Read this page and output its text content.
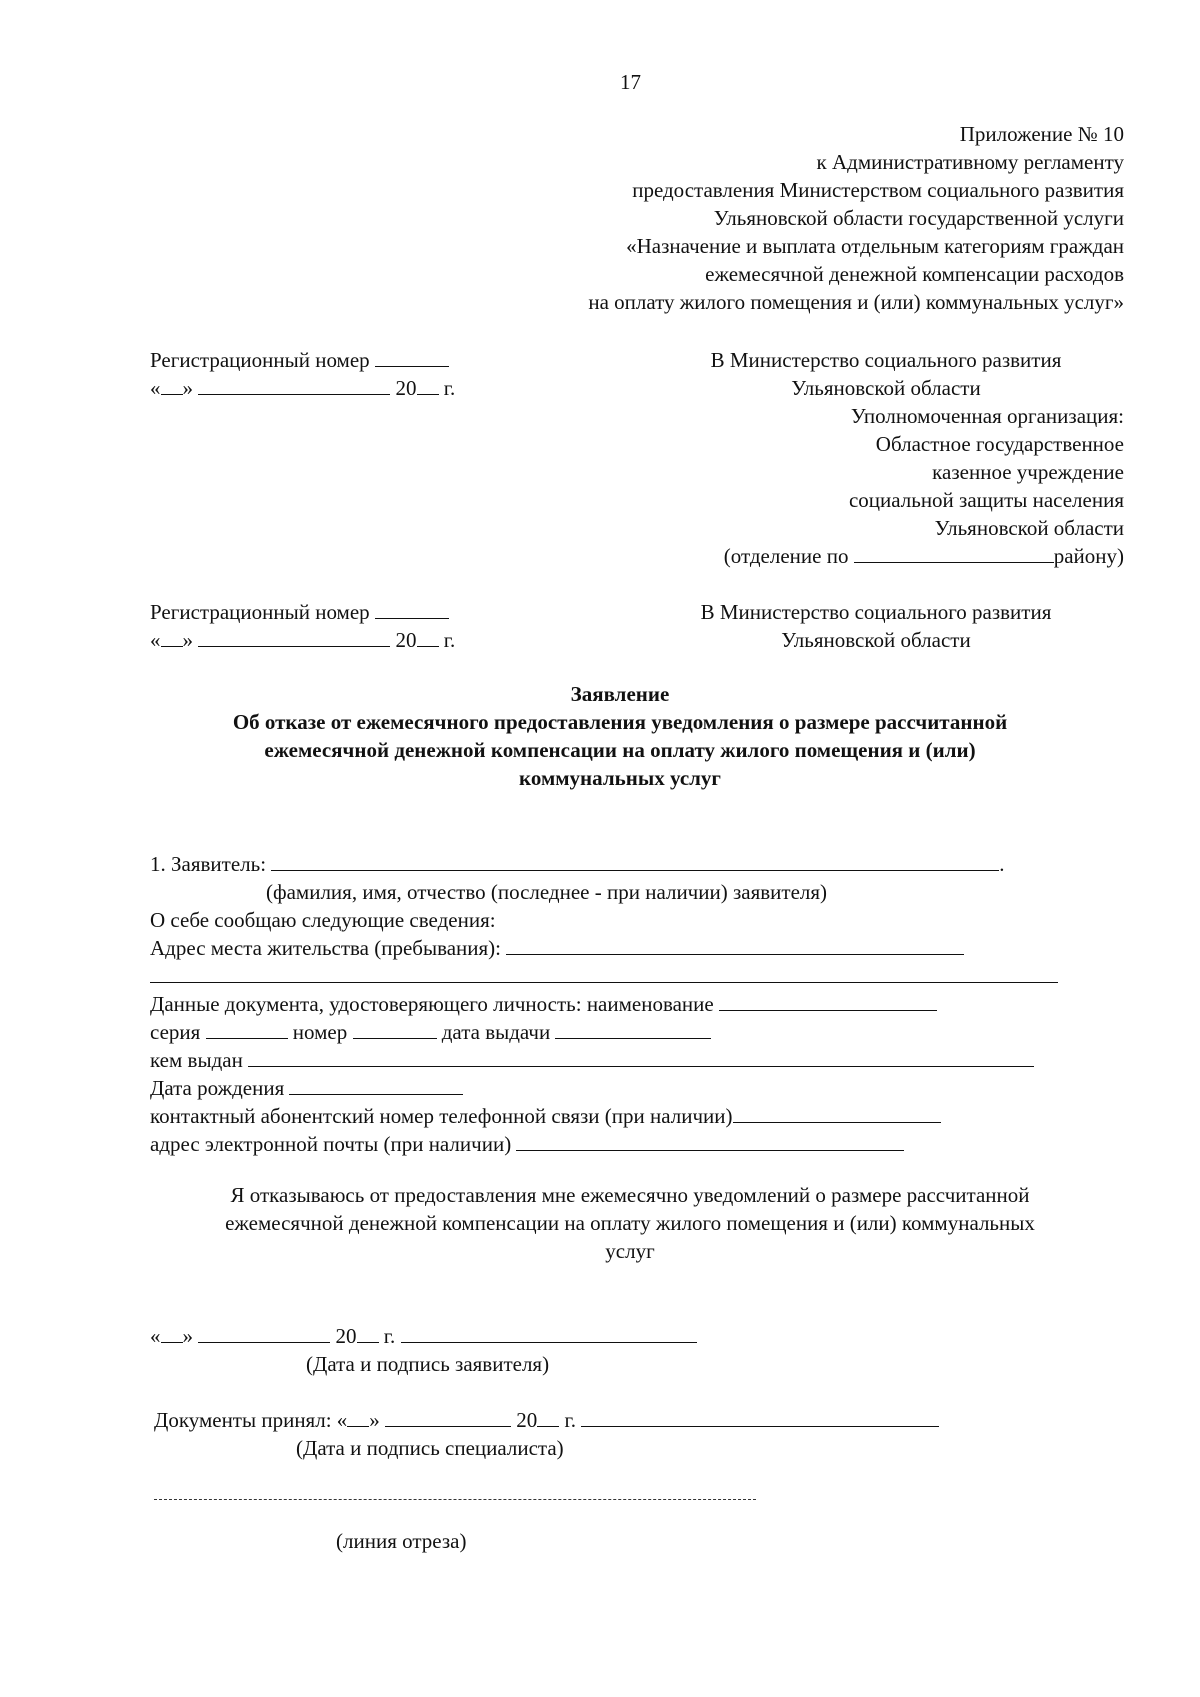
17
Приложение № 10
к Административному регламенту
предоставления Министерством социального развития
Ульяновской области государственной услуги
«Назначение и выплата отдельным категориям граждан
ежемесячной денежной компенсации расходов
на оплату жилого помещения и (или) коммунальных услуг»
Регистрационный номер
« »	20 г.
В Министерство социального развития
Ульяновской области
Уполномоченная организация:
Областное государственное
казенное учреждение
социальной защиты населения
Ульяновской области
(отделение по	району)
Регистрационный номер
« »	20 г.
В Министерство социального развития
Ульяновской области
Заявление
Об отказе от ежемесячного предоставления уведомления о размере рассчитанной
ежемесячной денежной компенсации на оплату жилого помещения и (или)
коммунальных услуг
1. Заявитель:	.
(фамилия, имя, отчество (последнее - при наличии) заявителя)
О себе сообщаю следующие сведения:
Адрес места жительства (пребывания):
Данные документа, удостоверяющего личность: наименование
серия	номер	дата выдачи
кем выдан
Дата рождения
контактный абонентский номер телефонной связи (при наличии)
адрес электронной почты (при наличии)
Я отказываюсь от предоставления мне ежемесячно уведомлений о размере рассчитанной
ежемесячной денежной компенсации на оплату жилого помещения и (или) коммунальных
услуг
« »	20 г.
(Дата и подпись заявителя)
Документы принял: « »	20 г.
(Дата и подпись специалиста)
(линия отреза)
